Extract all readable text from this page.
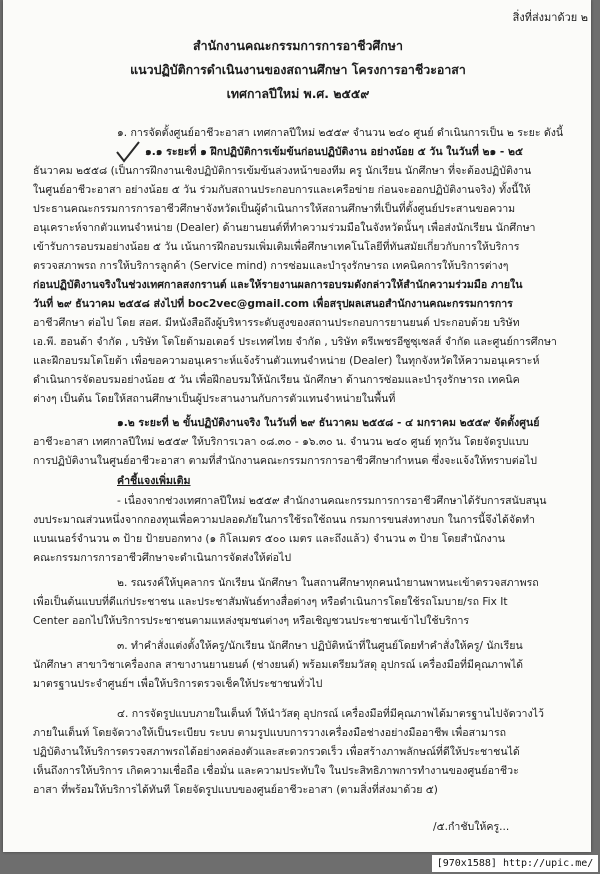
สิ่งที่ส่งมาด้วย ๒
สำนักงานคณะกรรมการการอาชีวศึกษา
แนวปฏิบัติการดำเนินงานของสถานศึกษา โครงการอาชีวะอาสา
เทศกาลปีใหม่ พ.ศ. ๒๕๕๙
๑. การจัดตั้งศูนย์อาชีวะอาสา เทศกาลปีใหม่ ๒๕๕๙ จำนวน ๒๔๐ ศูนย์ ดำเนินการเป็น ๒ ระยะ ดังนี้
๑.๑ ระยะที่ ๑ ฝึกปฏิบัติการเข้มข้นก่อนปฏิบัติงาน อย่างน้อย ๕ วัน ในวันที่ ๒๑ - ๒๕
ธันวาคม ๒๕๕๘ (เป็นการฝึกงานเชิงปฏิบัติการเข้มข้นล่วงหน้าของทีม ครู นักเรียน นักศึกษา ที่จะต้องปฏิบัติงาน
ในศูนย์อาชีวะอาสา อย่างน้อย ๕ วัน ร่วมกับสถานประกอบการและเครือข่าย ก่อนจะออกปฏิบัติงานจริง) ทั้งนี้ให้
ประธานคณะกรรมการการอาชีวศึกษาจังหวัดเป็นผู้ดำเนินการให้สถานศึกษาที่เป็นที่ตั้งศูนย์ประสานขอความ
อนุเคราะห์จากตัวแทนจำหน่าย (Dealer) ด้านยานยนต์ที่ทำความร่วมมือในจังหวัดนั้นๆ เพื่อส่งนักเรียน นักศึกษา
เข้ารับการอบรมอย่างน้อย ๕ วัน เน้นการฝึกอบรมเพิ่มเติมเพื่อศึกษาเทคโนโลยีที่ทันสมัยเกี่ยวกับการให้บริการ
ตรวจสภาพรถ การให้บริการลูกค้า (Service mind) การซ่อมและบำรุงรักษารถ เทคนิคการให้บริการต่างๆ
ก่อนปฏิบัติงานจริงในช่วงเทศกาลสงกรานต์ และให้รายงานผลการอบรมดังกล่าวให้สำนักความร่วมมือ ภายใน
วันที่ ๒๙ ธันวาคม ๒๕๕๘ ส่งไปที่ boc2vec@gmail.com เพื่อสรุปผลเสนอสำนักงานคณะกรรมการการ
อาชีวศึกษา ต่อไป โดย สอศ. มีหนังสือถึงผู้บริหารระดับสูงของสถานประกอบการยานยนต์ ประกอบด้วย บริษัท
เอ.พี. ฮอนด้า จำกัด , บริษัท โตโยต้ามอเตอร์ ประเทศไทย จำกัด , บริษัท ตรีเพชรอีซูซุเซลส์ จำกัด และศูนย์การศึกษา
และฝึกอบรมโตโยต้า เพื่อขอความอนุเคราะห์แจ้งร้านตัวแทนจำหน่าย (Dealer) ในทุกจังหวัดให้ความอนุเคราะห์
ดำเนินการจัดอบรมอย่างน้อย ๕ วัน เพื่อฝึกอบรมให้นักเรียน นักศึกษา ด้านการซ่อมและบำรุงรักษารถ เทคนิค
ต่างๆ เป็นต้น โดยให้สถานศึกษาเป็นผู้ประสานงานกับการตัวแทนจำหน่ายในพื้นที่
๑.๒ ระยะที่ ๒ ขั้นปฏิบัติงานจริง ในวันที่ ๒๙ ธันวาคม ๒๕๕๘ - ๔ มกราคม ๒๕๕๙ จัดตั้งศูนย์
อาชีวะอาสา เทศกาลปีใหม่ ๒๕๕๙ ให้บริการเวลา ๐๘.๓๐ - ๑๖.๓๐ น. จำนวน ๒๔๐ ศูนย์ ทุกวัน โดยจัดรูปแบบ
การปฏิบัติงานในศูนย์อาชีวะอาสา ตามที่สำนักงานคณะกรรมการการอาชีวศึกษากำหนด ซึ่งจะแจ้งให้ทราบต่อไป
คำชี้แจงเพิ่มเติม
- เนื่องจากช่วงเทศกาลปีใหม่ ๒๕๕๙ สำนักงานคณะกรรมการการอาชีวศึกษาได้รับการสนับสนุน
งบประมาณส่วนหนึ่งจากกองทุนเพื่อความปลอดภัยในการใช้รถใช้ถนน กรมการขนส่งทางบก ในการนี้จึงได้จัดทำ
แบนเนอร์จำนวน ๓ ป้าย ป้ายบอกทาง (๑ กิโลเมตร ๕๐๐ เมตร และถึงแล้ว) จำนวน ๓ ป้าย โดยสำนักงาน
คณะกรรมการการอาชีวศึกษาจะดำเนินการจัดส่งให้ต่อไป
๒. รณรงค์ให้บุคลากร นักเรียน นักศึกษา ในสถานศึกษาทุกคนนำยานพาหนะเข้าตรวจสภาพรถ
เพื่อเป็นต้นแบบที่ดีแก่ประชาชน และประชาสัมพันธ์ทางสื่อต่างๆ หรือดำเนินการโดยใช้รถโมบาย/รถ Fix It
Center ออกไปให้บริการประชาชนตามแหล่งชุมชนต่างๆ หรือเชิญชวนประชาชนเข้าไปใช้บริการ
๓. ทำคำสั่งแต่งตั้งให้ครู/นักเรียน นักศึกษา ปฏิบัติหน้าที่ในศูนย์โดยทำคำสั่งให้ครู/ นักเรียน
นักศึกษา สาขาวิชาเครื่องกล สาขางานยานยนต์ (ช่างยนต์) พร้อมเตรียมวัสดุ อุปกรณ์ เครื่องมือที่มีคุณภาพได้
มาตรฐานประจำศูนย์ฯ เพื่อให้บริการตรวจเช็คให้ประชาชนทั่วไป
๔. การจัดรูปแบบภายในเต็นท์ ให้นำวัสดุ อุปกรณ์ เครื่องมือที่มีคุณภาพได้มาตรฐานไปจัดวางไว้
ภายในเต็นท์ โดยจัดวางให้เป็นระเบียบ ระบบ ตามรูปแบบการวางเครื่องมือช่างอย่างมืออาชีพ เพื่อสามารถ
ปฏิบัติงานให้บริการตรวจสภาพรถได้อย่างคล่องตัวและสะดวกรวดเร็ว เพื่อสร้างภาพลักษณ์ที่ดีให้ประชาชนได้
เห็นถึงการให้บริการ เกิดความเชื่อถือ เชื่อมั่น และความประทับใจ ในประสิทธิภาพการทำงานของศูนย์อาชีวะ
อาสา ที่พร้อมให้บริการได้ทันที โดยจัดรูปแบบของศูนย์อาชีวะอาสา (ตามสิ่งที่ส่งมาด้วย ๕)
/๕.กำชับให้ครู...
[970x1588] http://upic.me/
